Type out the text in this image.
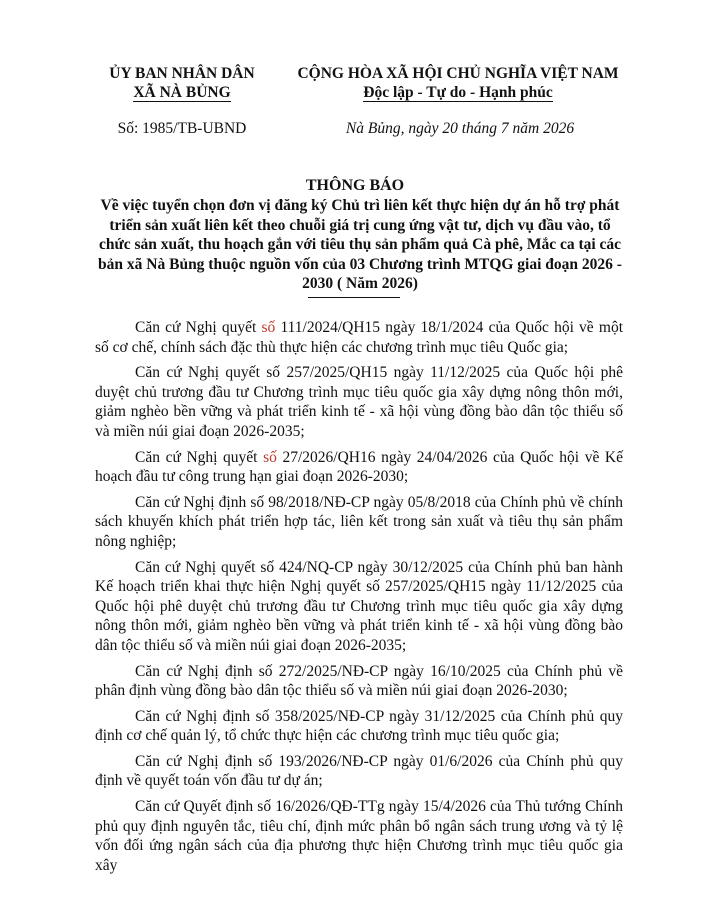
ỦY BAN NHÂN DÂN
XÃ NÀ BỦNG
CỘNG HÒA XÃ HỘI CHỦ NGHĨA VIỆT NAM
Độc lập - Tự do - Hạnh phúc
Số: 1985/TB-UBND	Nà Bủng, ngày 20 tháng 7 năm 2026
THÔNG BÁO
Về việc tuyển chọn đơn vị đăng ký Chủ trì liên kết thực hiện dự án hỗ trợ phát triển sản xuất liên kết theo chuỗi giá trị cung ứng vật tư, dịch vụ đầu vào, tổ chức sản xuất, thu hoạch gắn với tiêu thụ sản phẩm quả Cà phê, Mắc ca tại các bản xã Nà Bủng thuộc nguồn vốn của 03 Chương trình MTQG giai đoạn 2026 - 2030 ( Năm 2026)

Căn cứ Nghị quyết số 111/2024/QH15 ngày 18/1/2024 của Quốc hội về một số cơ chế, chính sách đặc thù thực hiện các chương trình mục tiêu Quốc gia;

Căn cứ Nghị quyết số 257/2025/QH15 ngày 11/12/2025 của Quốc hội phê duyệt chủ trương đầu tư Chương trình mục tiêu quốc gia xây dựng nông thôn mới, giảm nghèo bền vững và phát triển kinh tế - xã hội vùng đồng bào dân tộc thiểu số và miền núi giai đoạn 2026-2035;

Căn cứ Nghị quyết số 27/2026/QH16 ngày 24/04/2026 của Quốc hội về Kế hoạch đầu tư công trung hạn giai đoạn 2026-2030;

Căn cứ Nghị định số 98/2018/NĐ-CP ngày 05/8/2018 của Chính phủ về chính sách khuyến khích phát triển hợp tác, liên kết trong sản xuất và tiêu thụ sản phẩm nông nghiệp;

Căn cứ Nghị quyết số 424/NQ-CP ngày 30/12/2025 của Chính phủ ban hành Kế hoạch triển khai thực hiện Nghị quyết số 257/2025/QH15 ngày 11/12/2025 của Quốc hội phê duyệt chủ trương đầu tư Chương trình mục tiêu quốc gia xây dựng nông thôn mới, giảm nghèo bền vững và phát triển kinh tế - xã hội vùng đồng bào dân tộc thiểu số và miền núi giai đoạn 2026-2035;

Căn cứ Nghị định số 272/2025/NĐ-CP ngày 16/10/2025 của Chính phủ về phân định vùng đồng bào dân tộc thiểu số và miền núi giai đoạn 2026-2030;

Căn cứ Nghị định số 358/2025/NĐ-CP ngày 31/12/2025 của Chính phủ quy định cơ chế quản lý, tổ chức thực hiện các chương trình mục tiêu quốc gia;

Căn cứ Nghị định số 193/2026/NĐ-CP ngày 01/6/2026 của Chính phủ quy định về quyết toán vốn đầu tư dự án;

Căn cứ Quyết định số 16/2026/QĐ-TTg ngày 15/4/2026 của Thủ tướng Chính phủ quy định nguyên tắc, tiêu chí, định mức phân bổ ngân sách trung ương và tỷ lệ vốn đối ứng ngân sách của địa phương thực hiện Chương trình mục tiêu quốc gia xây
